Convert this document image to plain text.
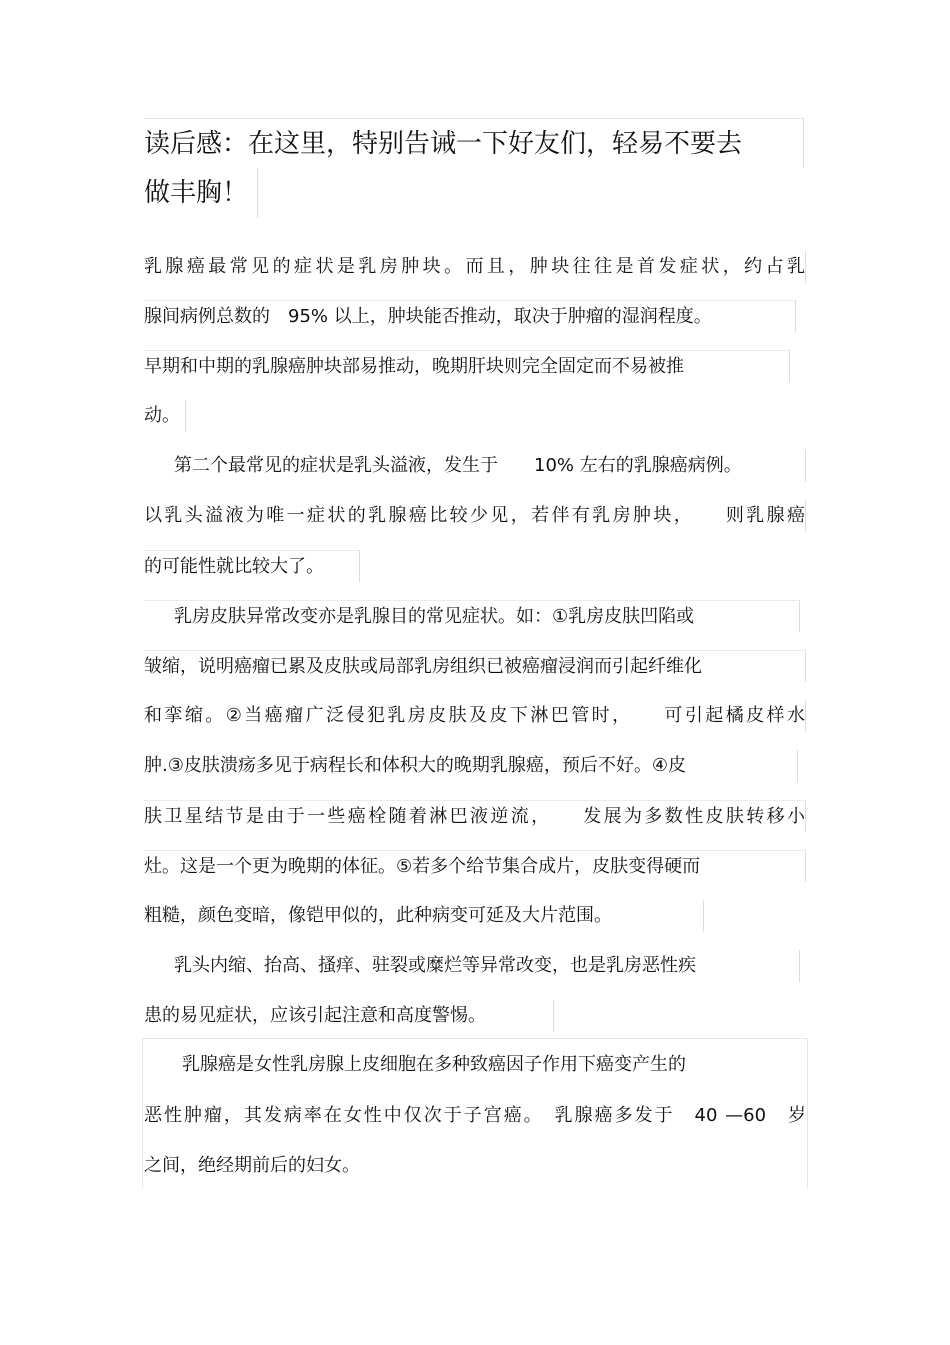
读后感：在这里，特别告诫一下好友们，轻易不要去
做丰胸！
乳腺癌最常见的症状是乳房肿块。而且，肿块往往是首发症状，约占乳
腺间病例总数的　95% 以上，肿块能否推动，取决于肿瘤的湿润程度。
早期和中期的乳腺癌肿块部易推动，晚期肝块则完全固定而不易被推
动。
第二个最常见的症状是乳头溢液，发生于　　10% 左右的乳腺癌病例。
以乳头溢液为唯一症状的乳腺癌比较少见，若伴有乳房肿块，　　则乳腺癌
的可能性就比较大了。
乳房皮肤异常改变亦是乳腺目的常见症状。如：①乳房皮肤凹陷或
皱缩，说明癌瘤已累及皮肤或局部乳房组织已被癌瘤浸润而引起纤维化
和挛缩。②当癌瘤广泛侵犯乳房皮肤及皮下淋巴管时，　　可引起橘皮样水
肿.③皮肤溃疡多见于病程长和体积大的晚期乳腺癌，预后不好。④皮
肤卫星结节是由于一些癌栓随着淋巴液逆流，　　发展为多数性皮肤转移小
灶。这是一个更为晚期的体征。⑤若多个给节集合成片，皮肤变得硬而
粗糙，颜色变暗，像铠甲似的，此种病变可延及大片范围。
乳头内缩、抬高、搔痒、驻裂或糜烂等异常改变，也是乳房恶性疾
患的易见症状，应该引起注意和高度警惕。
乳腺癌是女性乳房腺上皮细胞在多种致癌因子作用下癌变产生的
恶性肿瘤，其发病率在女性中仅次于子宫癌。　乳腺癌多发于　40 —60　岁
之间，绝经期前后的妇女。
